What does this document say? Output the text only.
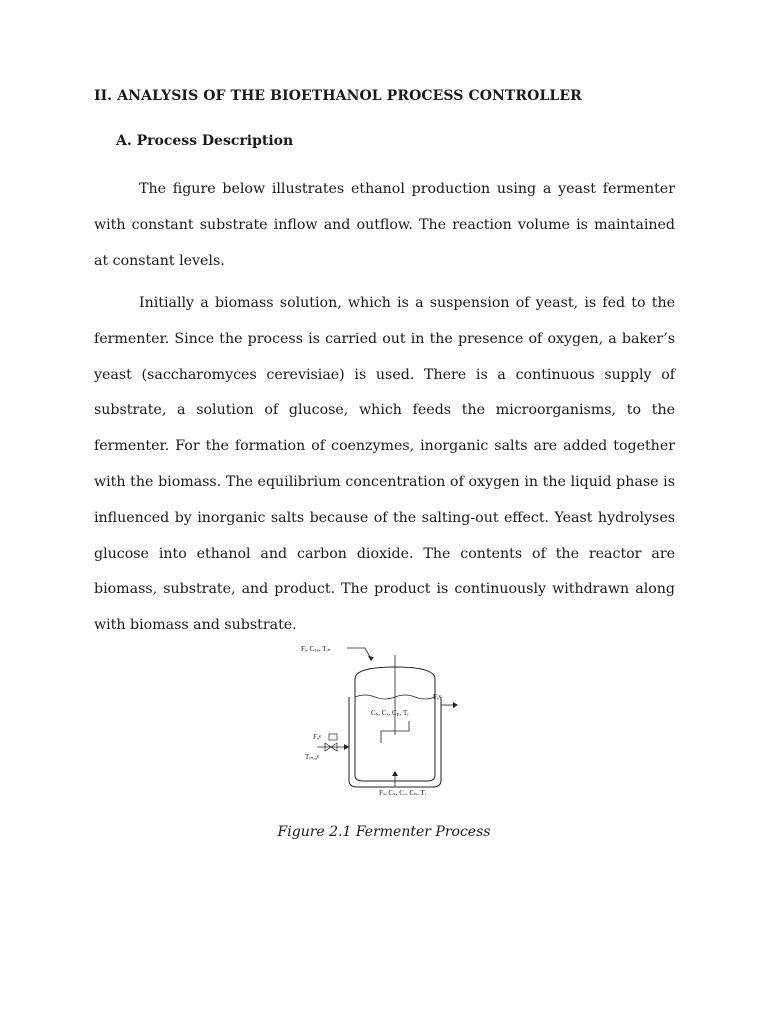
II. ANALYSIS OF THE BIOETHANOL PROCESS CONTROLLER
A. Process Description

The figure below illustrates ethanol production using a yeast fermenter with constant substrate inflow and outflow. The reaction volume is maintained at constant levels.

Initially a biomass solution, which is a suspension of yeast, is fed to the fermenter. Since the process is carried out in the presence of oxygen, a baker’s yeast (saccharomyces cerevisiae) is used. There is a continuous supply of substrate, a solution of glucose, which feeds the microorganisms, to the fermenter. For the formation of coenzymes, inorganic salts are added together with the biomass. The equilibrium concentration of oxygen in the liquid phase is influenced by inorganic salts because of the salting-out effect. Yeast hydrolyses glucose into ethanol and carbon dioxide. The contents of the reactor are biomass, substrate, and product. The product is continuously withdrawn along with biomass and substrate.

Fᵢ, Cₛₒ, Tᵢₙ
Cₛ, Cₓ, Cₚ, Tᵣ
Fₐᵍ
Fₐᵍ
Tᵢₙ,ₐᵍ
Fₒ, Cₛ, Cₓ, Cₚ, Tᵣ
Figure 2.1 Fermenter Process
